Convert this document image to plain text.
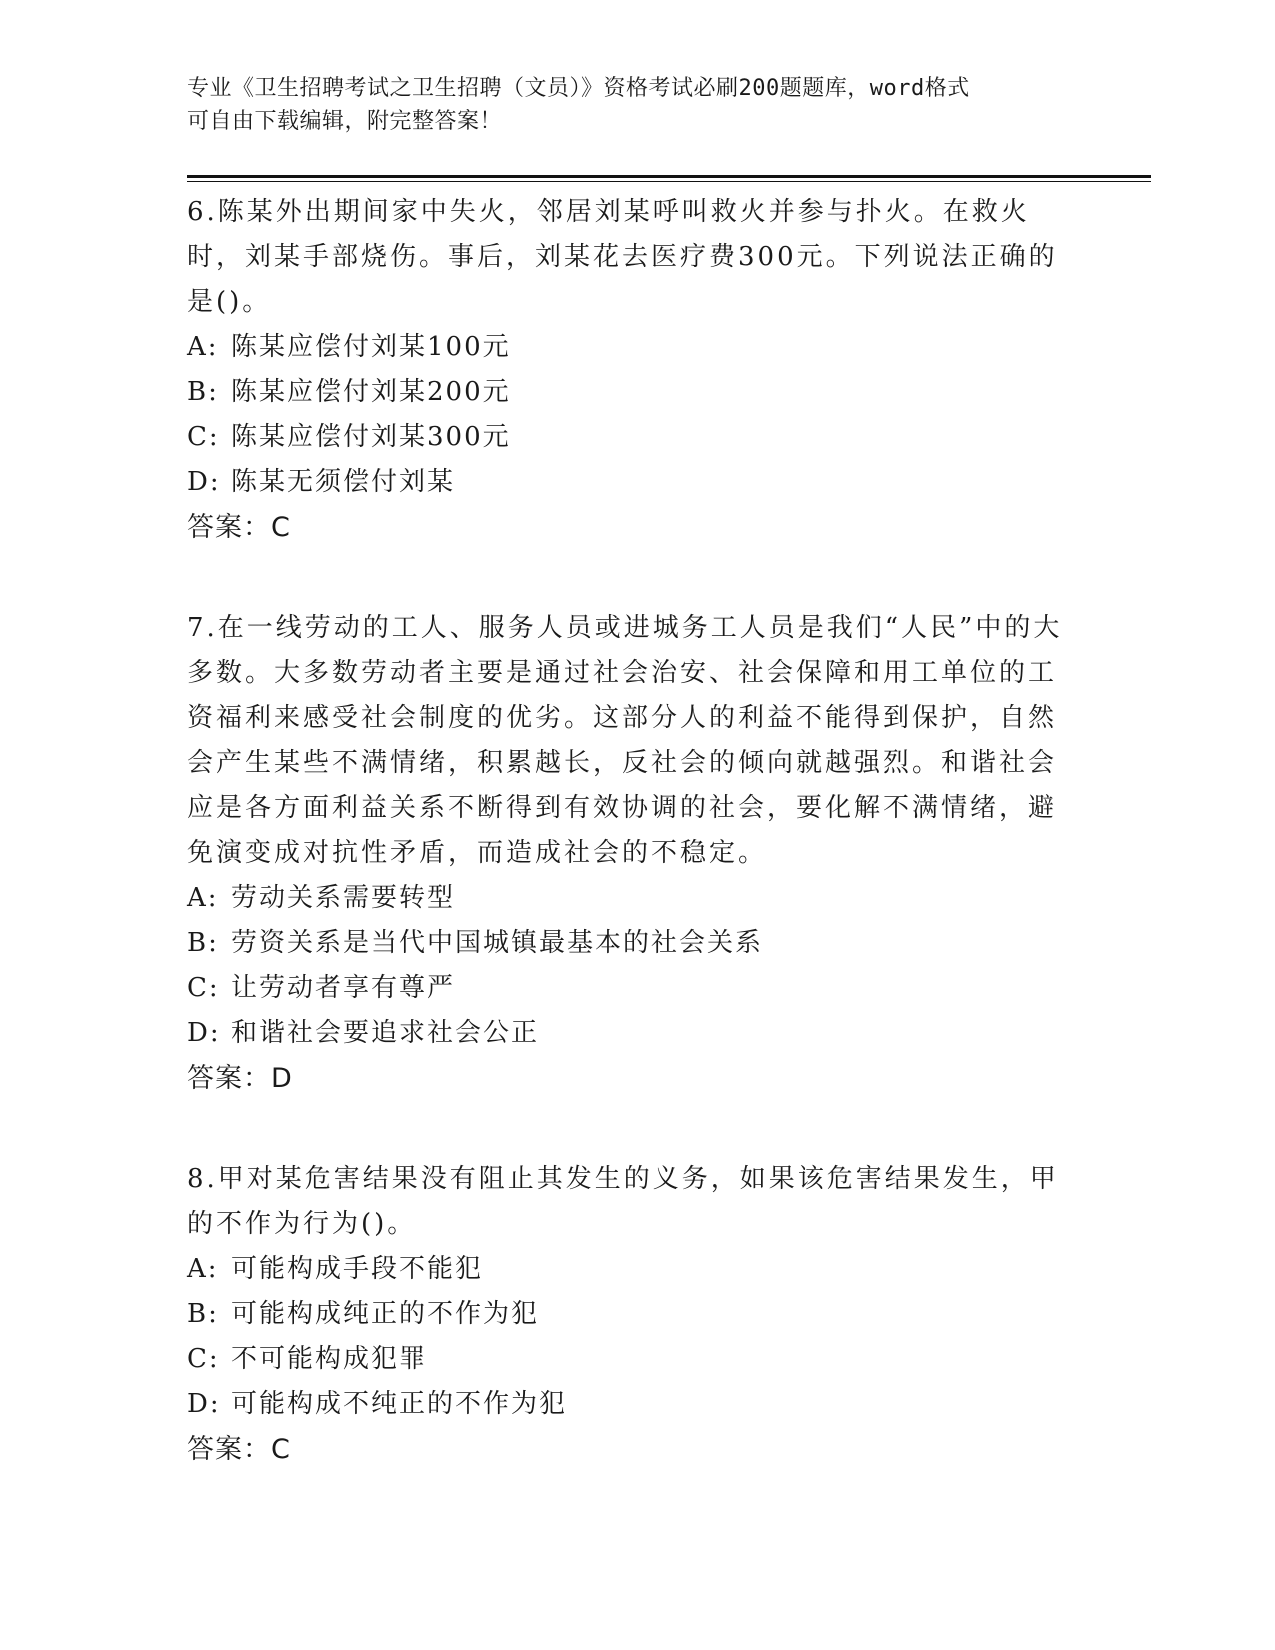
专业《卫生招聘考试之卫生招聘（文员）》资格考试必刷200题题库，word格式
可自由下载编辑，附完整答案！

6.陈某外出期间家中失火，邻居刘某呼叫救火并参与扑火。在救火时，刘某手部烧伤。事后，刘某花去医疗费300元。下列说法正确的是()。

A: 陈某应偿付刘某100元

B: 陈某应偿付刘某200元

C: 陈某应偿付刘某300元

D: 陈某无须偿付刘某

答案：C

7.在一线劳动的工人、服务人员或进城务工人员是我们“人民”中的大多数。大多数劳动者主要是通过社会治安、社会保障和用工单位的工资福利来感受社会制度的优劣。这部分人的利益不能得到保护，自然会产生某些不满情绪，积累越长，反社会的倾向就越强烈。和谐社会应是各方面利益关系不断得到有效协调的社会，要化解不满情绪，避免演变成对抗性矛盾，而造成社会的不稳定。

A: 劳动关系需要转型

B: 劳资关系是当代中国城镇最基本的社会关系

C: 让劳动者享有尊严

D: 和谐社会要追求社会公正

答案：D

8.甲对某危害结果没有阻止其发生的义务，如果该危害结果发生，甲的不作为行为()。

A: 可能构成手段不能犯

B: 可能构成纯正的不作为犯

C: 不可能构成犯罪

D: 可能构成不纯正的不作为犯

答案：C
